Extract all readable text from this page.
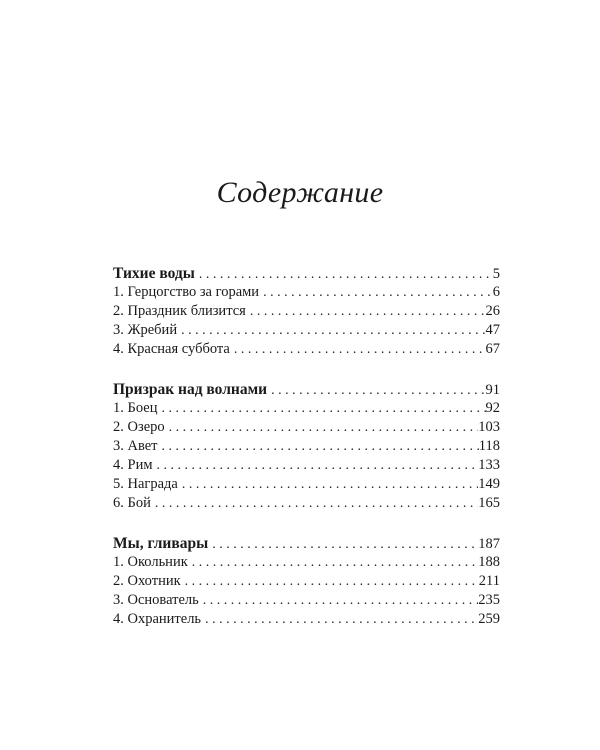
Содержание
Тихие воды . . .	5
1. Герцогство за горами . . .	6
2. Праздник близится . . .	26
3. Жребий . . .	47
4. Красная суббота . . .	67
Призрак над волнами . . .	91
1. Боец . . .	92
2. Озеро . . .	103
3. Авет . . .	118
4. Рим . . .	133
5. Награда . . .	149
6. Бой . . .	165
Мы, гливары . . .	187
1. Окольник . . .	188
2. Охотник . . .	211
3. Основатель . . .	235
4. Охранитель . . .	259
